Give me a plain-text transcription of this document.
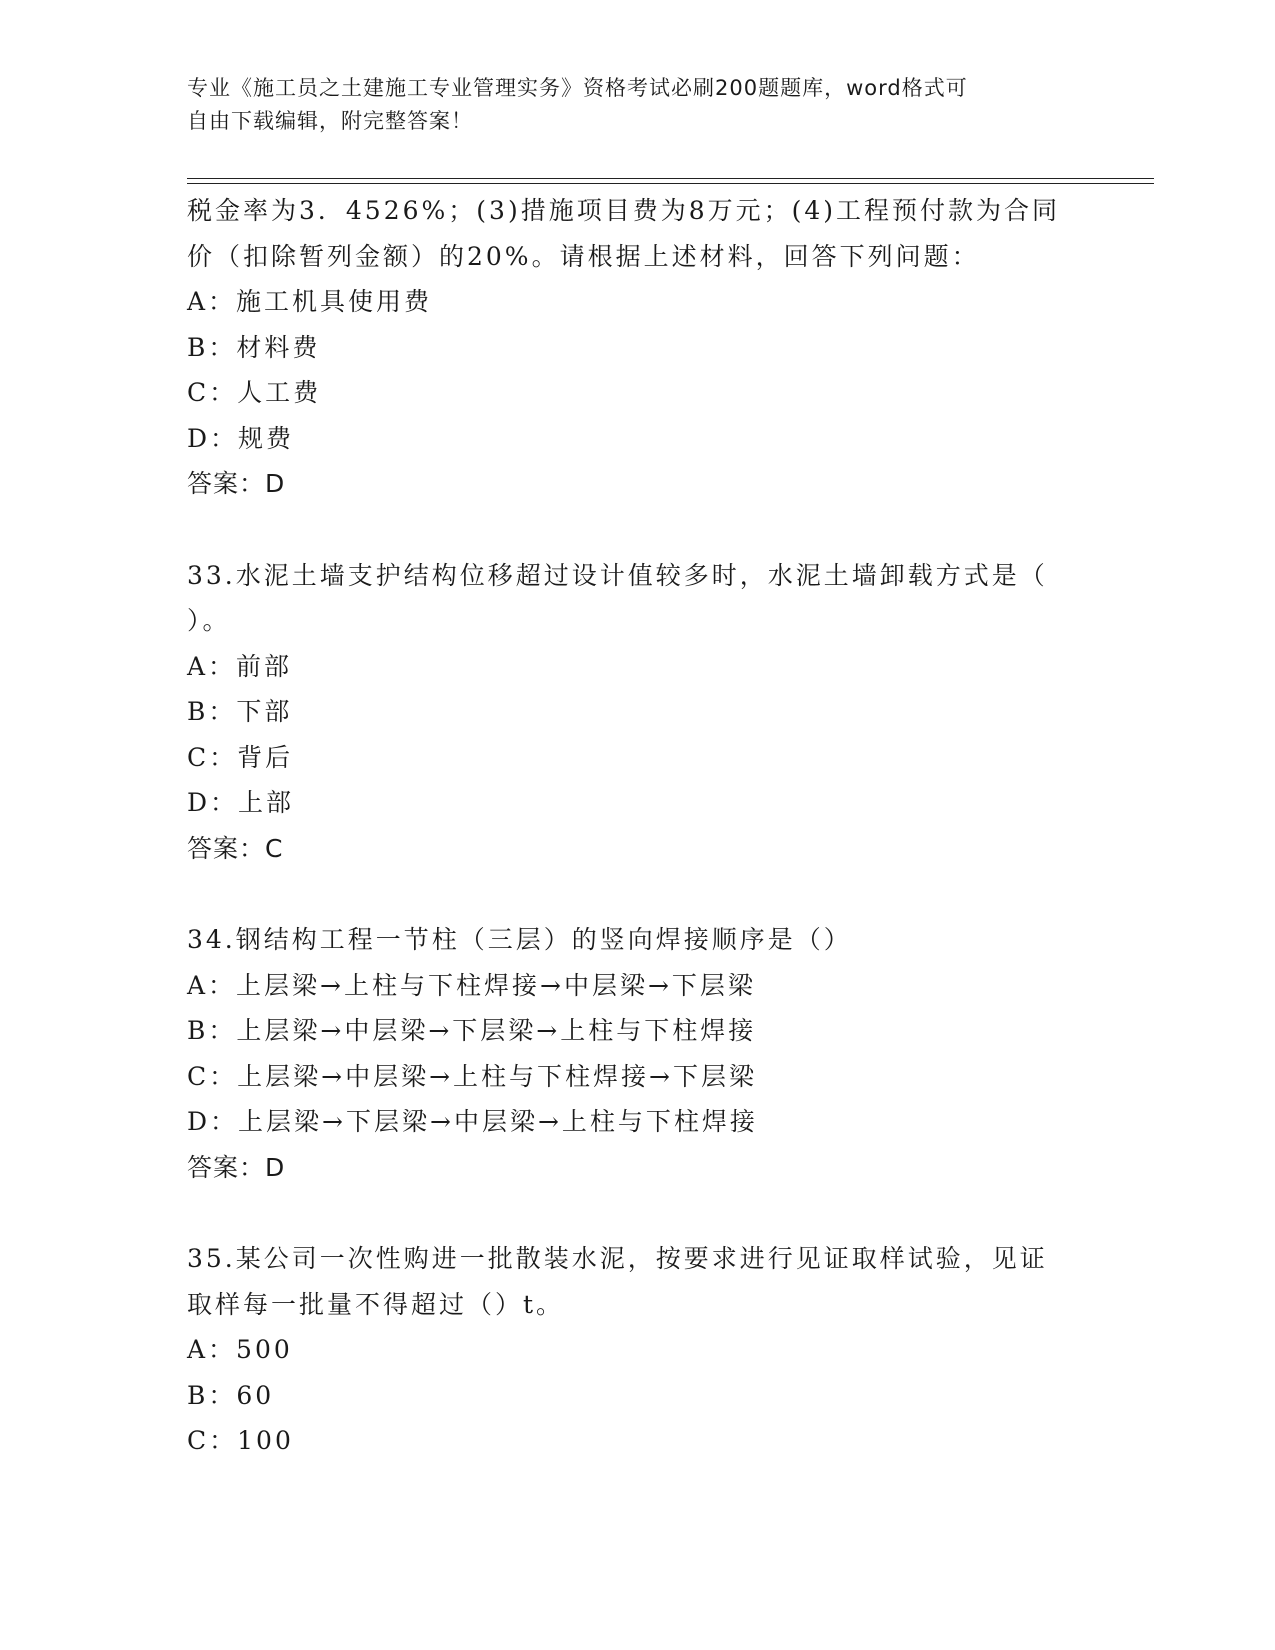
专业《施工员之土建施工专业管理实务》资格考试必刷200题题库，word格式可
自由下载编辑，附完整答案！
税金率为3．4526%；(3)措施项目费为8万元；(4)工程预付款为合同
价（扣除暂列金额）的20%。请根据上述材料，回答下列问题：
A：施工机具使用费
B：材料费
C：人工费
D：规费
答案：D
33.水泥土墙支护结构位移超过设计值较多时，水泥土墙卸载方式是（
）。
A：前部
B：下部
C：背后
D：上部
答案：C
34.钢结构工程一节柱（三层）的竖向焊接顺序是（）
A：上层梁→上柱与下柱焊接→中层梁→下层梁
B：上层梁→中层梁→下层梁→上柱与下柱焊接
C：上层梁→中层梁→上柱与下柱焊接→下层梁
D：上层梁→下层梁→中层梁→上柱与下柱焊接
答案：D
35.某公司一次性购进一批散装水泥，按要求进行见证取样试验，见证
取样每一批量不得超过（）t。
A：500
B：60
C：100
